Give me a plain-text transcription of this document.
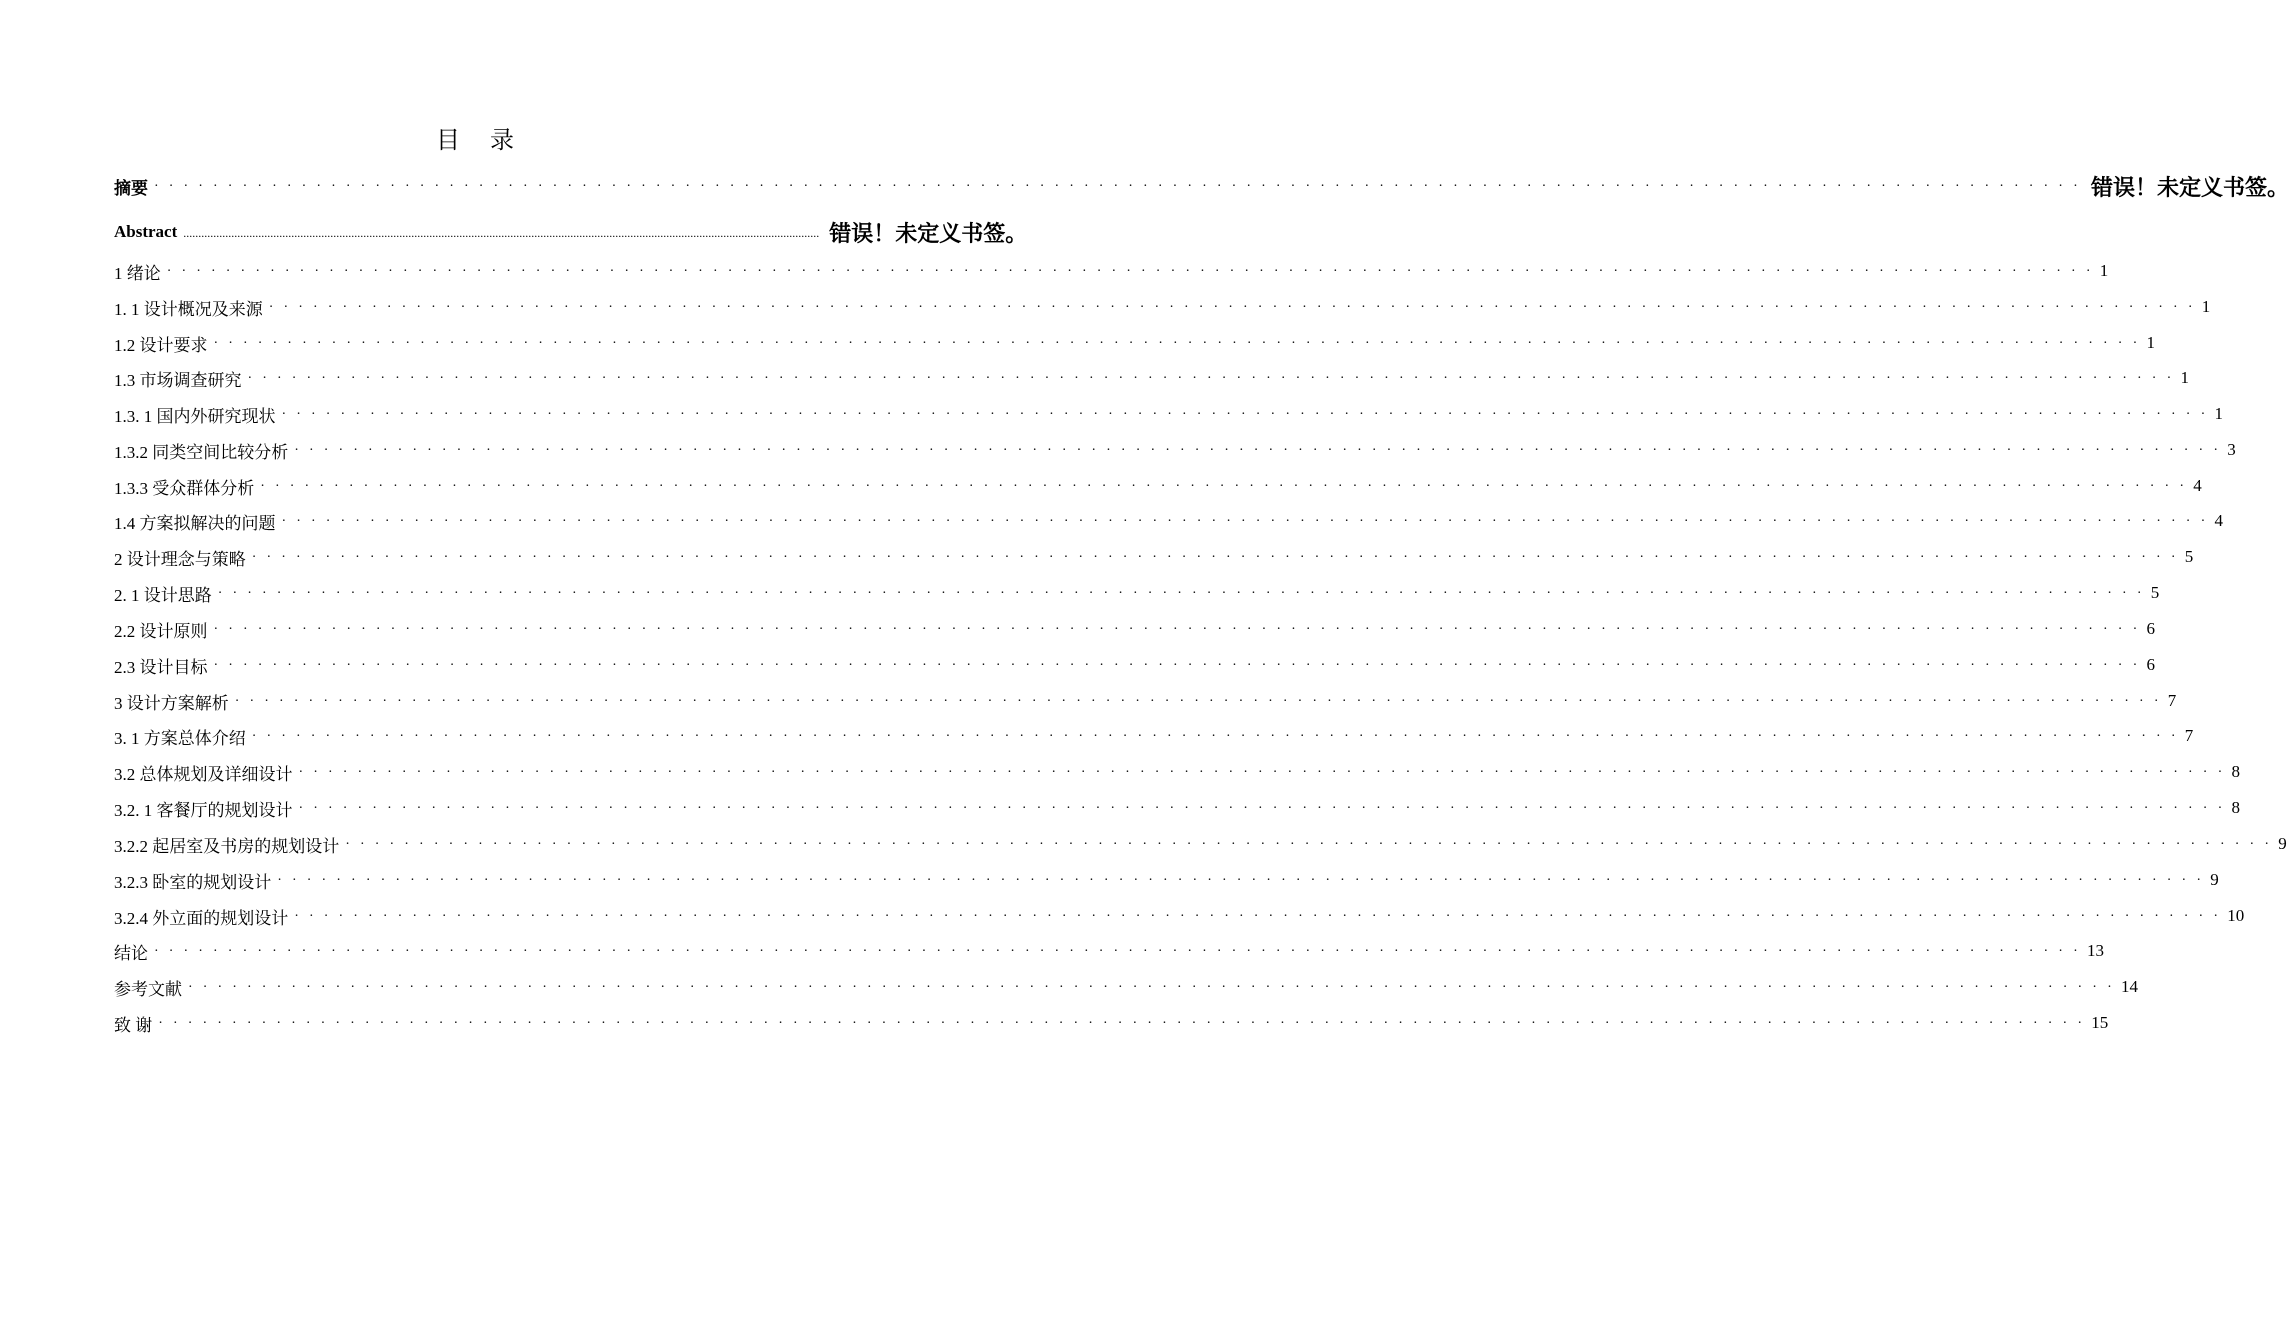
目 录
摘要 · · · · · · · · · · · · · · · · · · · · · · · · · · · · · · · · · · · · · · · · · · · · · · · · · · · · · · · · · · · · · · · · · · · · · · · · · · · · · · · · · · · · · · · · · · · · · · · · · · · · · · · · · · · · · · · · · · · · · · · · · · · · · · · · · · · 错误！未定义书签。
Abstract .................................................................................................................................................................................................................... 错误！未定义书签。
1 绪论 · · · · · · · · · · · · · · · · · · · · · · · · · · · · · · · · · · · · · · · · · · · · · · · · · · · · · · · · · · · · · · · · · · · · · · · · · · · · · · · · · · · · · · · · · · · · · · · · · · · · · · · · · · · · · · · · · · · · · · · · · · · · · · · · · · · 1
1. 1 设计概况及来源 · · · · · · · · · · · · · · · · · · · · · · · · · · · · · · · · · · · · · · · · · · · · · · · · · · · · · · · · · · · · · · · · · · · · · · · · · · · · · · · · · · · · · · · · · · · · · · · · · · · · · · · · · · · · · · · · · · · · · · · · · · · · · · · · · · · 1
1.2 设计要求 · · · · · · · · · · · · · · · · · · · · · · · · · · · · · · · · · · · · · · · · · · · · · · · · · · · · · · · · · · · · · · · · · · · · · · · · · · · · · · · · · · · · · · · · · · · · · · · · · · · · · · · · · · · · · · · · · · · · · · · · · · · · · · · · · · · 1
1.3 市场调查研究 · · · · · · · · · · · · · · · · · · · · · · · · · · · · · · · · · · · · · · · · · · · · · · · · · · · · · · · · · · · · · · · · · · · · · · · · · · · · · · · · · · · · · · · · · · · · · · · · · · · · · · · · · · · · · · · · · · · · · · · · · · · · · · · · · · · 1
1.3. 1 国内外研究现状 · · · · · · · · · · · · · · · · · · · · · · · · · · · · · · · · · · · · · · · · · · · · · · · · · · · · · · · · · · · · · · · · · · · · · · · · · · · · · · · · · · · · · · · · · · · · · · · · · · · · · · · · · · · · · · · · · · · · · · · · · · · · · · · · · · · 1
1.3.2 同类空间比较分析 · · · · · · · · · · · · · · · · · · · · · · · · · · · · · · · · · · · · · · · · · · · · · · · · · · · · · · · · · · · · · · · · · · · · · · · · · · · · · · · · · · · · · · · · · · · · · · · · · · · · · · · · · · · · · · · · · · · · · · · · · · · · · · · · · · · 3
1.3.3 受众群体分析 · · · · · · · · · · · · · · · · · · · · · · · · · · · · · · · · · · · · · · · · · · · · · · · · · · · · · · · · · · · · · · · · · · · · · · · · · · · · · · · · · · · · · · · · · · · · · · · · · · · · · · · · · · · · · · · · · · · · · · · · · · · · · · · · · · · 4
1.4 方案拟解决的问题 · · · · · · · · · · · · · · · · · · · · · · · · · · · · · · · · · · · · · · · · · · · · · · · · · · · · · · · · · · · · · · · · · · · · · · · · · · · · · · · · · · · · · · · · · · · · · · · · · · · · · · · · · · · · · · · · · · · · · · · · · · · · · · · · · · · 4
2 设计理念与策略 · · · · · · · · · · · · · · · · · · · · · · · · · · · · · · · · · · · · · · · · · · · · · · · · · · · · · · · · · · · · · · · · · · · · · · · · · · · · · · · · · · · · · · · · · · · · · · · · · · · · · · · · · · · · · · · · · · · · · · · · · · · · · · · · · · · 5
2. 1 设计思路 · · · · · · · · · · · · · · · · · · · · · · · · · · · · · · · · · · · · · · · · · · · · · · · · · · · · · · · · · · · · · · · · · · · · · · · · · · · · · · · · · · · · · · · · · · · · · · · · · · · · · · · · · · · · · · · · · · · · · · · · · · · · · · · · · · · 5
2.2 设计原则 · · · · · · · · · · · · · · · · · · · · · · · · · · · · · · · · · · · · · · · · · · · · · · · · · · · · · · · · · · · · · · · · · · · · · · · · · · · · · · · · · · · · · · · · · · · · · · · · · · · · · · · · · · · · · · · · · · · · · · · · · · · · · · · · · · · 6
2.3 设计目标 · · · · · · · · · · · · · · · · · · · · · · · · · · · · · · · · · · · · · · · · · · · · · · · · · · · · · · · · · · · · · · · · · · · · · · · · · · · · · · · · · · · · · · · · · · · · · · · · · · · · · · · · · · · · · · · · · · · · · · · · · · · · · · · · · · · 6
3 设计方案解析 · · · · · · · · · · · · · · · · · · · · · · · · · · · · · · · · · · · · · · · · · · · · · · · · · · · · · · · · · · · · · · · · · · · · · · · · · · · · · · · · · · · · · · · · · · · · · · · · · · · · · · · · · · · · · · · · · · · · · · · · · · · · · · · · · · · 7
3. 1 方案总体介绍 · · · · · · · · · · · · · · · · · · · · · · · · · · · · · · · · · · · · · · · · · · · · · · · · · · · · · · · · · · · · · · · · · · · · · · · · · · · · · · · · · · · · · · · · · · · · · · · · · · · · · · · · · · · · · · · · · · · · · · · · · · · · · · · · · · · 7
3.2 总体规划及详细设计 · · · · · · · · · · · · · · · · · · · · · · · · · · · · · · · · · · · · · · · · · · · · · · · · · · · · · · · · · · · · · · · · · · · · · · · · · · · · · · · · · · · · · · · · · · · · · · · · · · · · · · · · · · · · · · · · · · · · · · · · · · · · · · · · · · · 8
3.2. 1 客餐厅的规划设计 · · · · · · · · · · · · · · · · · · · · · · · · · · · · · · · · · · · · · · · · · · · · · · · · · · · · · · · · · · · · · · · · · · · · · · · · · · · · · · · · · · · · · · · · · · · · · · · · · · · · · · · · · · · · · · · · · · · · · · · · · · · · · · · · · · · 8
3.2.2 起居室及书房的规划设计 · · · · · · · · · · · · · · · · · · · · · · · · · · · · · · · · · · · · · · · · · · · · · · · · · · · · · · · · · · · · · · · · · · · · · · · · · · · · · · · · · · · · · · · · · · · · · · · · · · · · · · · · · · · · · · · · · · · · · · · · · · · · · · · · · · · 9
3.2.3 卧室的规划设计 · · · · · · · · · · · · · · · · · · · · · · · · · · · · · · · · · · · · · · · · · · · · · · · · · · · · · · · · · · · · · · · · · · · · · · · · · · · · · · · · · · · · · · · · · · · · · · · · · · · · · · · · · · · · · · · · · · · · · · · · · · · · · · · · · · · 9
3.2.4 外立面的规划设计 · · · · · · · · · · · · · · · · · · · · · · · · · · · · · · · · · · · · · · · · · · · · · · · · · · · · · · · · · · · · · · · · · · · · · · · · · · · · · · · · · · · · · · · · · · · · · · · · · · · · · · · · · · · · · · · · · · · · · · · · · · · · · · · · · · · 10
结论 · · · · · · · · · · · · · · · · · · · · · · · · · · · · · · · · · · · · · · · · · · · · · · · · · · · · · · · · · · · · · · · · · · · · · · · · · · · · · · · · · · · · · · · · · · · · · · · · · · · · · · · · · · · · · · · · · · · · · · · · · · · · · · · · · · · 13
参考文献 · · · · · · · · · · · · · · · · · · · · · · · · · · · · · · · · · · · · · · · · · · · · · · · · · · · · · · · · · · · · · · · · · · · · · · · · · · · · · · · · · · · · · · · · · · · · · · · · · · · · · · · · · · · · · · · · · · · · · · · · · · · · · · · · · · · 14
致 谢 · · · · · · · · · · · · · · · · · · · · · · · · · · · · · · · · · · · · · · · · · · · · · · · · · · · · · · · · · · · · · · · · · · · · · · · · · · · · · · · · · · · · · · · · · · · · · · · · · · · · · · · · · · · · · · · · · · · · · · · · · · · · · · · · · · · 15
